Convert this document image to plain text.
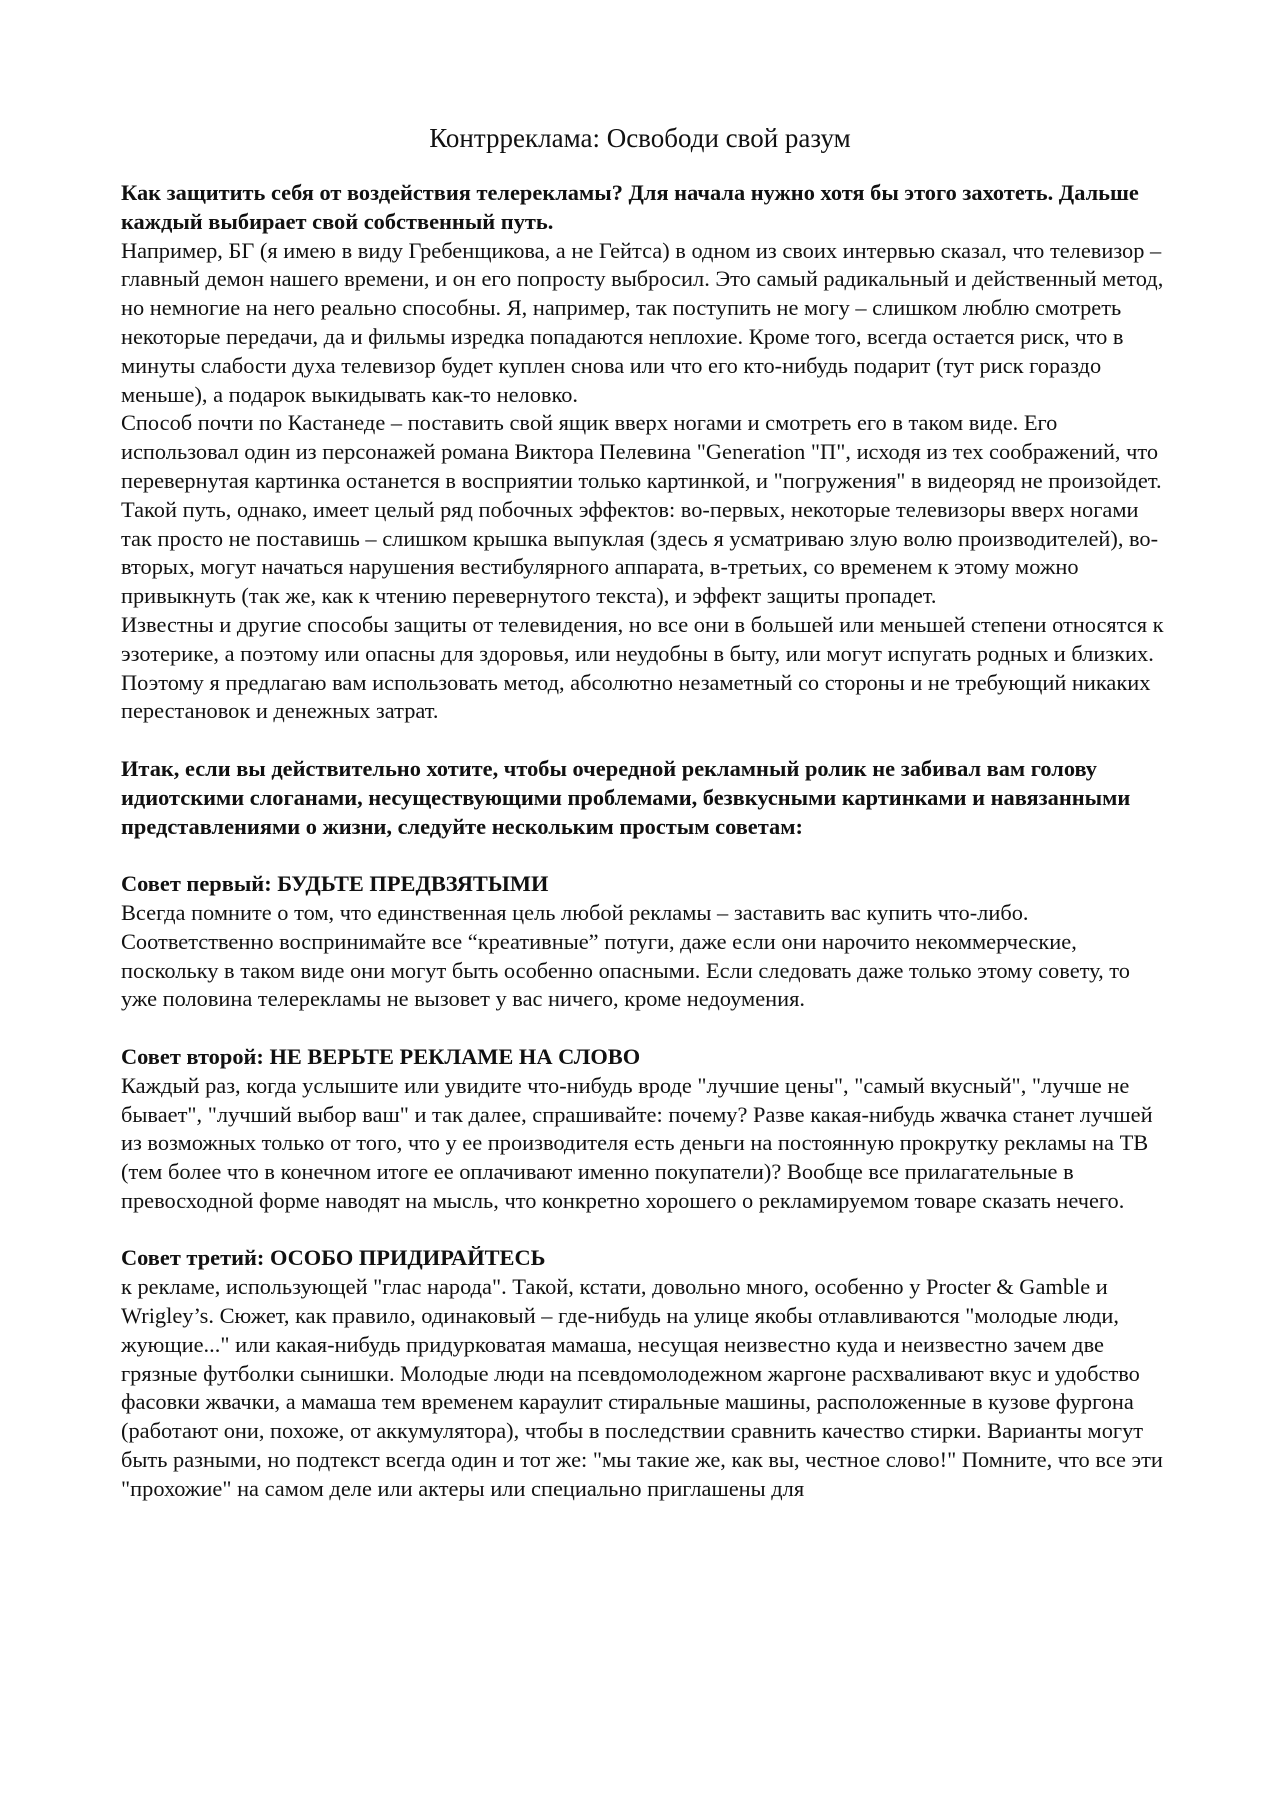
Контрреклама: Освободи свой разум

Как защитить себя от воздействия телерекламы? Для начала нужно хотя бы этого захотеть. Дальше каждый выбирает свой собственный путь.

Например, БГ (я имею в виду Гребенщикова, а не Гейтса) в одном из своих интервью сказал, что телевизор – главный демон нашего времени, и он его попросту выбросил. Это самый радикальный и действенный метод, но немногие на него реально способны. Я, например, так поступить не могу – слишком люблю смотреть некоторые передачи, да и фильмы изредка попадаются неплохие. Кроме того, всегда остается риск, что в минуты слабости духа телевизор будет куплен снова или что его кто-нибудь подарит (тут риск гораздо меньше), а подарок выкидывать как-то неловко.

Способ почти по Кастанеде – поставить свой ящик вверх ногами и смотреть его в таком виде. Его использовал один из персонажей романа Виктора Пелевина "Generation "П", исходя из тех соображений, что перевернутая картинка останется в восприятии только картинкой, и "погружения" в видеоряд не произойдет. Такой путь, однако, имеет целый ряд побочных эффектов: во-первых, некоторые телевизоры вверх ногами так просто не поставишь – слишком крышка выпуклая (здесь я усматриваю злую волю производителей), во-вторых, могут начаться нарушения вестибулярного аппарата, в-третьих, со временем к этому можно привыкнуть (так же, как к чтению перевернутого текста), и эффект защиты пропадет.

Известны и другие способы защиты от телевидения, но все они в большей или меньшей степени относятся к эзотерике, а поэтому или опасны для здоровья, или неудобны в быту, или могут испугать родных и близких. Поэтому я предлагаю вам использовать метод, абсолютно незаметный со стороны и не требующий никаких перестановок и денежных затрат.

Итак, если вы действительно хотите, чтобы очередной рекламный ролик не забивал вам голову идиотскими слоганами, несуществующими проблемами, безвкусными картинками и навязанными представлениями о жизни, следуйте нескольким простым советам:

Совет первый: БУДЬТЕ ПРЕДВЗЯТЫМИ

Всегда помните о том, что единственная цель любой рекламы – заставить вас купить что-либо. Соответственно воспринимайте все “креативные” потуги, даже если они нарочито некоммерческие, поскольку в таком виде они могут быть особенно опасными. Если следовать даже только этому совету, то уже половина телерекламы не вызовет у вас ничего, кроме недоумения.

Совет второй: НЕ ВЕРЬТЕ РЕКЛАМЕ НА СЛОВО

Каждый раз, когда услышите или увидите что-нибудь вроде "лучшие цены", "самый вкусный", "лучше не бывает", "лучший выбор ваш" и так далее, спрашивайте: почему? Разве какая-нибудь жвачка станет лучшей из возможных только от того, что у ее производителя есть деньги на постоянную прокрутку рекламы на ТВ (тем более что в конечном итоге ее оплачивают именно покупатели)? Вообще все прилагательные в превосходной форме наводят на мысль, что конкретно хорошего о рекламируемом товаре сказать нечего.

Совет третий: ОСОБО ПРИДИРАЙТЕСЬ

к рекламе, использующей "глас народа". Такой, кстати, довольно много, особенно у Procter & Gamble и Wrigley’s. Сюжет, как правило, одинаковый – где-нибудь на улице якобы отлавливаются "молодые люди, жующие..." или какая-нибудь придурковатая мамаша, несущая неизвестно куда и неизвестно зачем две грязные футболки сынишки. Молодые люди на псевдомолодежном жаргоне расхваливают вкус и удобство фасовки жвачки, а мамаша тем временем караулит стиральные машины, расположенные в кузове фургона (работают они, похоже, от аккумулятора), чтобы в последствии сравнить качество стирки. Варианты могут быть разными, но подтекст всегда один и тот же: "мы такие же, как вы, честное слово!" Помните, что все эти "прохожие" на самом деле или актеры или специально приглашены для
